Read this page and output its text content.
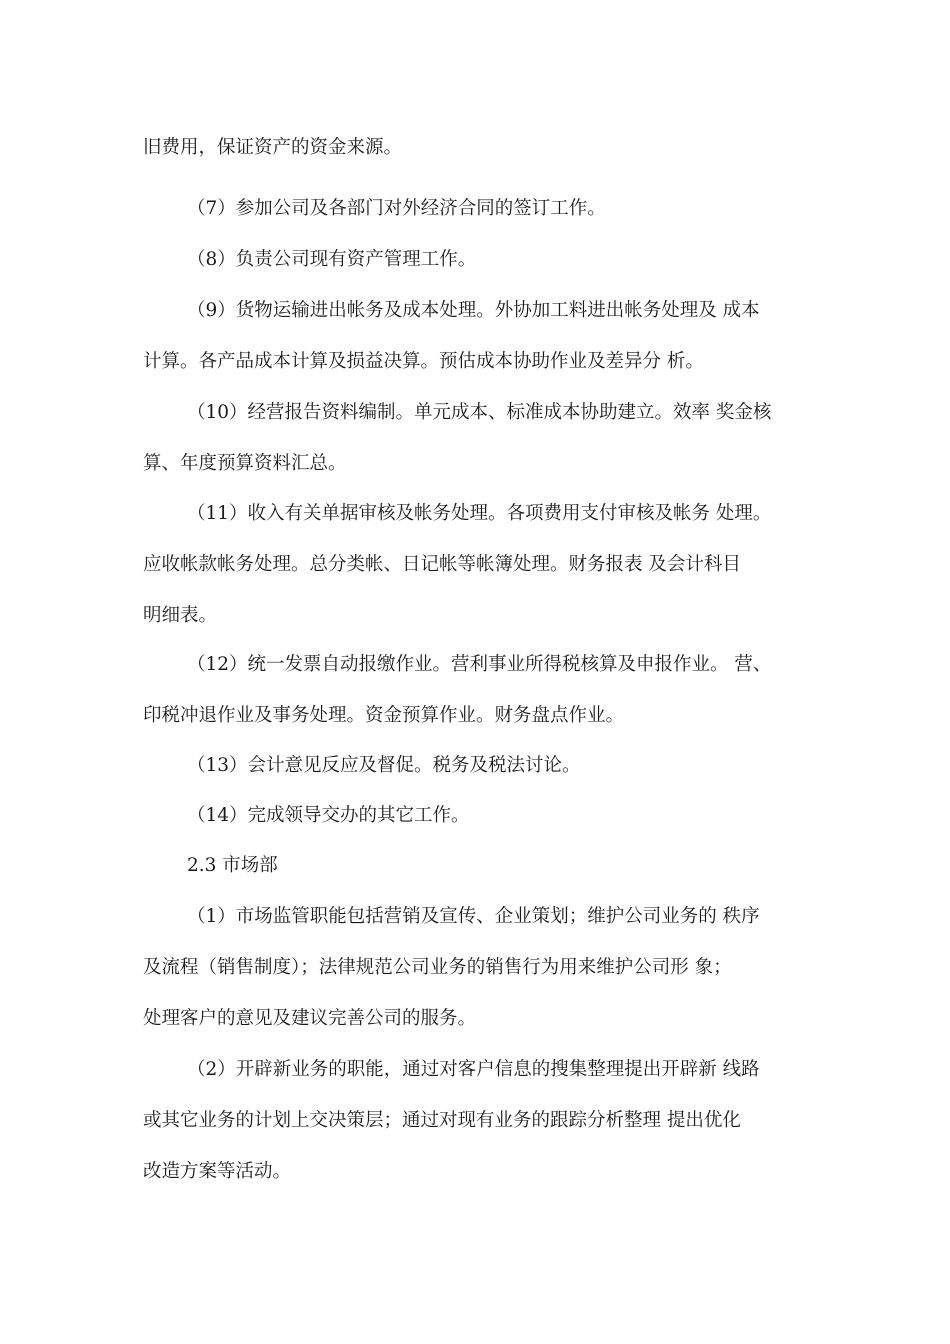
旧费用，保证资产的资金来源。
（7）参加公司及各部门对外经济合同的签订工作。
（8）负责公司现有资产管理工作。
（9）货物运输进出帐务及成本处理。外协加工料进出帐务处理及 成本
计算。各产品成本计算及损益决算。预估成本协助作业及差异分 析。
（10）经营报告资料编制。单元成本、标准成本协助建立。效率 奖金核
算、年度预算资料汇总。
（11）收入有关单据审核及帐务处理。各项费用支付审核及帐务 处理。
应收帐款帐务处理。总分类帐、日记帐等帐簿处理。财务报表 及会计科目
明细表。
（12）统一发票自动报缴作业。营利事业所得税核算及申报作业。 营、
印税冲退作业及事务处理。资金预算作业。财务盘点作业。
（13）会计意见反应及督促。税务及税法讨论。
（14）完成领导交办的其它工作。
2.3 市场部
（1）市场监管职能包括营销及宣传、企业策划；维护公司业务的 秩序
及流程（销售制度）；法律规范公司业务的销售行为用来维护公司形 象；
处理客户的意见及建议完善公司的服务。
（2）开辟新业务的职能，通过对客户信息的搜集整理提出开辟新 线路
或其它业务的计划上交决策层；通过对现有业务的跟踪分析整理 提出优化
改造方案等活动。
